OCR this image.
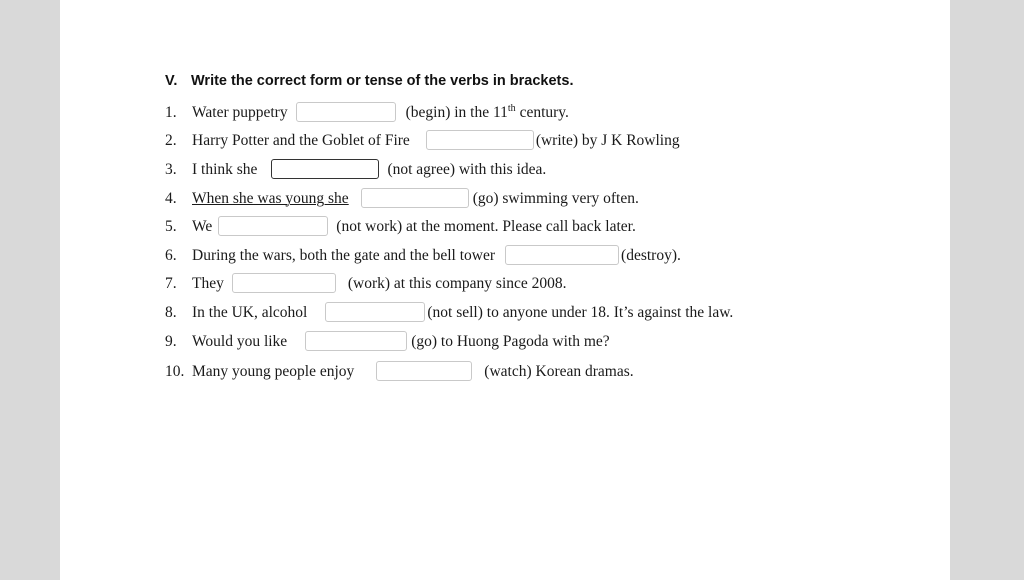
V. Write the correct form or tense of the verbs in brackets.
1. Water puppetry	(begin) in the 11th century.
2. Harry Potter and the Goblet of Fire	(write) by J K Rowling
3. I think she	(not agree) with this idea.
4. When she was young she	(go) swimming very often.
5. We	(not work) at the moment. Please call back later.
6. During the wars, both the gate and the bell tower	(destroy).
7. They	(work) at this company since 2008.
8. In the UK, alcohol	(not sell) to anyone under 18. It’s against the law.
9. Would you like	(go) to Huong Pagoda with me?
10. Many young people enjoy	(watch) Korean dramas.
